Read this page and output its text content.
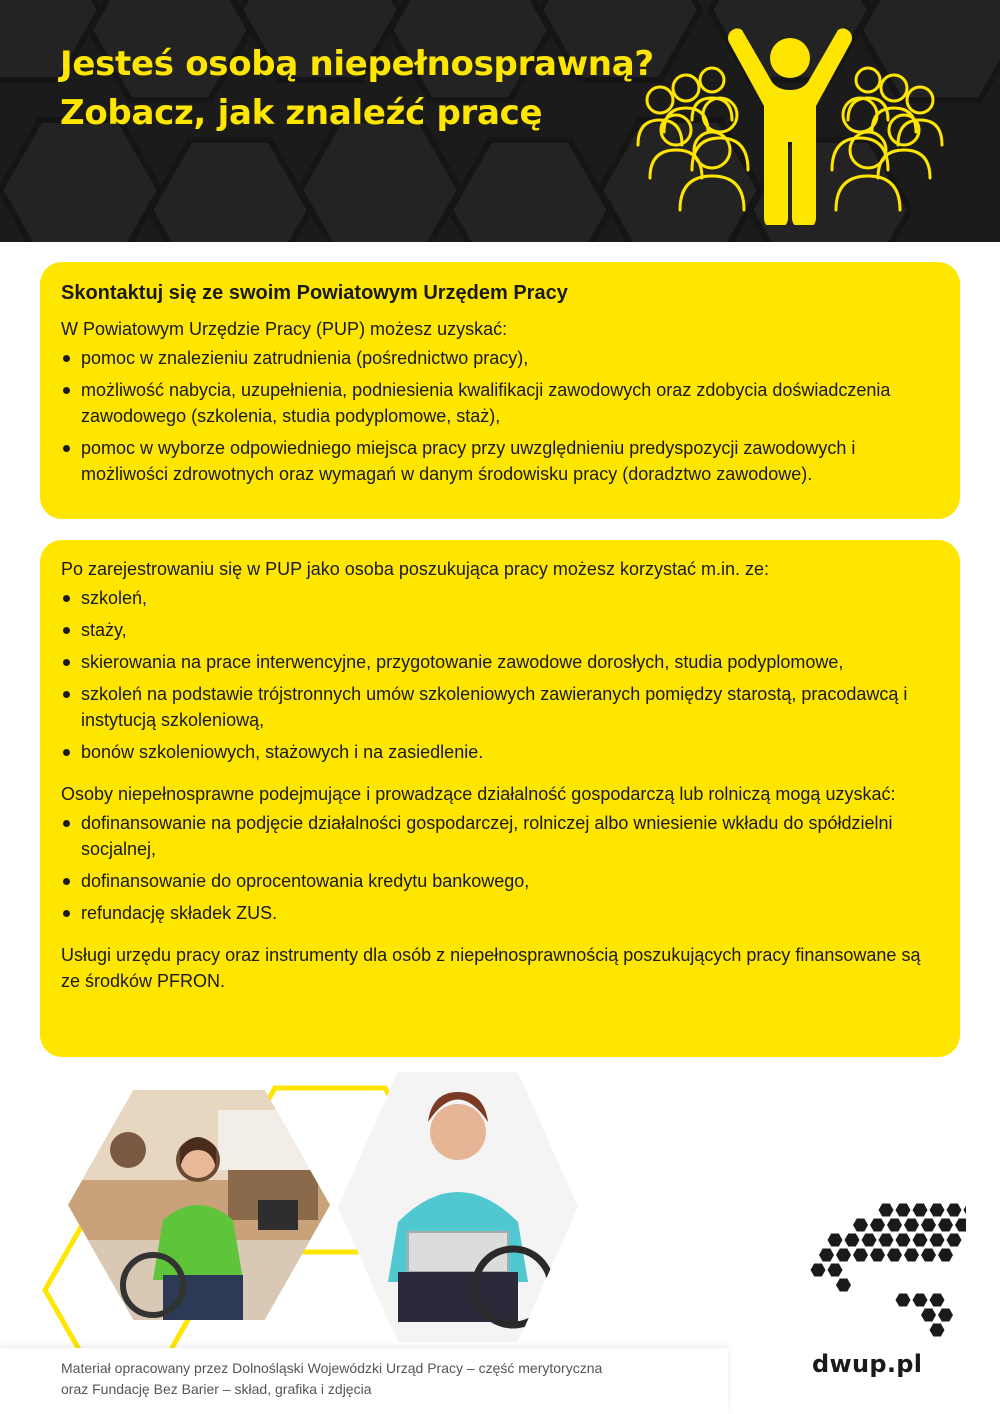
Jesteś osobą niepełnosprawną?
Zobacz, jak znaleźć pracę
Skontaktuj się ze swoim Powiatowym Urzędem Pracy

W Powiatowym Urzędzie Pracy (PUP) możesz uzyskać:

pomoc w znalezieniu zatrudnienia (pośrednictwo pracy),
możliwość nabycia, uzupełnienia, podniesienia kwalifikacji zawodowych oraz zdobycia doświadczenia zawodowego (szkolenia, studia podyplomowe, staż),
pomoc w wyborze odpowiedniego miejsca pracy przy uwzględnieniu predyspozycji zawodowych i możliwości zdrowotnych oraz wymagań w danym środowisku pracy (doradztwo zawodowe).

Po zarejestrowaniu się w PUP jako osoba poszukująca pracy możesz korzystać m.in. ze:

szkoleń,
staży,
skierowania na prace interwencyjne, przygotowanie zawodowe dorosłych, studia podyplomowe,
szkoleń na podstawie trójstronnych umów szkoleniowych zawieranych pomiędzy starostą, pracodawcą i instytucją szkoleniową,
bonów szkoleniowych, stażowych i na zasiedlenie.

Osoby niepełnosprawne podejmujące i prowadzące działalność gospodarczą lub rolniczą mogą uzyskać:

dofinansowanie na podjęcie działalności gospodarczej, rolniczej albo wniesienie wkładu do spółdzielni socjalnej,
dofinansowanie do oprocentowania kredytu bankowego,
refundację składek ZUS.

Usługi urzędu pracy oraz instrumenty dla osób z niepełnosprawnością poszukujących pracy finansowane są ze środków PFRON.

Materiał opracowany przez Dolnośląski Wojewódzki Urząd Pracy – część merytoryczna
oraz Fundację Bez Barier – skład, grafika i zdjęcia
dwup.pl
